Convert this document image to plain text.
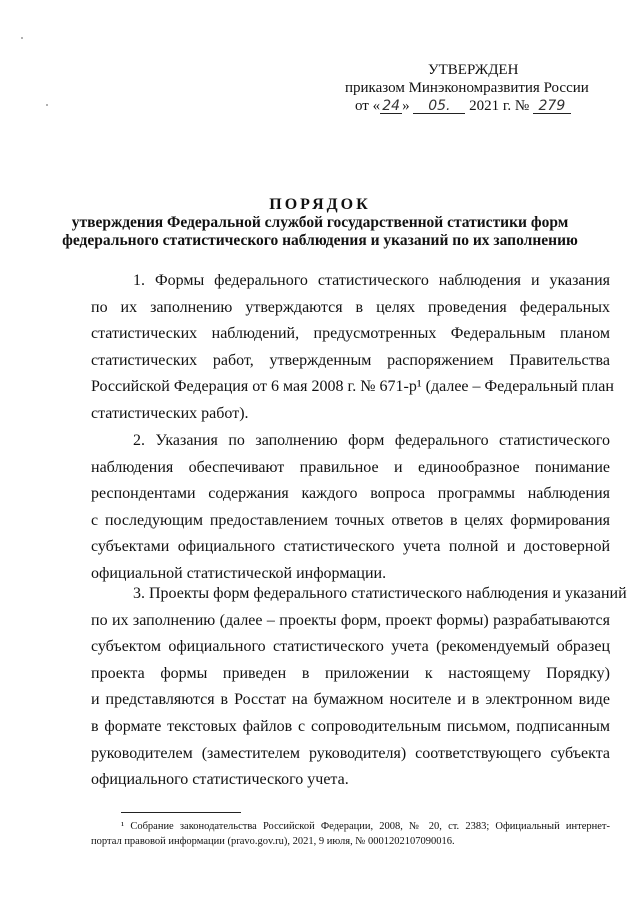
УТВЕРЖДЕН
приказом Минэкономразвития России
от « 24 » 05. 2021 г. № 279
ПОРЯДОК
утверждения Федеральной службой государственной статистики форм
федерального статистического наблюдения и указаний по их заполнению
1. Формы федерального статистического наблюдения и указания
по их заполнению утверждаются в целях проведения федеральных
статистических наблюдений, предусмотренных Федеральным планом
статистических работ, утвержденным распоряжением Правительства
Российской Федерация от 6 мая 2008 г. № 671-р¹ (далее – Федеральный план
статистических работ).
2. Указания по заполнению форм федерального статистического
наблюдения обеспечивают правильное и единообразное понимание
респондентами содержания каждого вопроса программы наблюдения
с последующим предоставлением точных ответов в целях формирования
субъектами официального статистического учета полной и достоверной
официальной статистической информации.
3. Проекты форм федерального статистического наблюдения и указаний
по их заполнению (далее – проекты форм, проект формы) разрабатываются
субъектом официального статистического учета (рекомендуемый образец
проекта формы приведен в приложении к настоящему Порядку)
и представляются в Росстат на бумажном носителе и в электронном виде
в формате текстовых файлов с сопроводительным письмом, подписанным
руководителем (заместителем руководителя) соответствующего субъекта
официального статистического учета.
¹ Собрание законодательства Российской Федерации, 2008, № 20, ст. 2383; Официальный интернет-
портал правовой информации (pravo.gov.ru), 2021, 9 июля, № 0001202107090016.
